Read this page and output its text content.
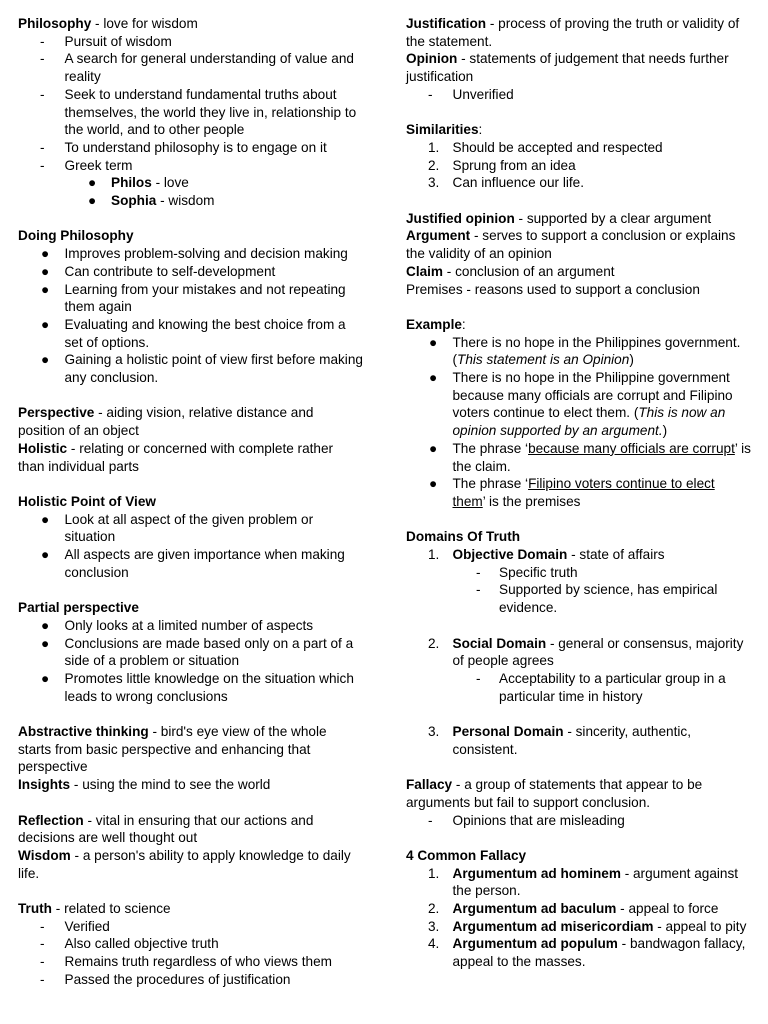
Philosophy - love for wisdom
- Pursuit of wisdom
- A search for general understanding of value and reality
- Seek to understand fundamental truths about themselves, the world they live in, relationship to the world, and to other people
- To understand philosophy is to engage on it
- Greek term
● Philos - love
● Sophia - wisdom
Doing Philosophy
● Improves problem-solving and decision making
● Can contribute to self-development
● Learning from your mistakes and not repeating them again
● Evaluating and knowing the best choice from a set of options.
● Gaining a holistic point of view first before making any conclusion.
Perspective - aiding vision, relative distance and position of an object
Holistic - relating or concerned with complete rather than individual parts
Holistic Point of View
● Look at all aspect of the given problem or situation
● All aspects are given importance when making conclusion
Partial perspective
● Only looks at a limited number of aspects
● Conclusions are made based only on a part of a side of a problem or situation
● Promotes little knowledge on the situation which leads to wrong conclusions
Abstractive thinking - bird's eye view of the whole starts from basic perspective and enhancing that perspective
Insights - using the mind to see the world
Reflection - vital in ensuring that our actions and decisions are well thought out
Wisdom - a person's ability to apply knowledge to daily life.
Truth - related to science
- Verified
- Also called objective truth
- Remains truth regardless of who views them
- Passed the procedures of justification
Justification - process of proving the truth or validity of the statement.
Opinion - statements of judgement that needs further justification
- Unverified
Similarities:
1. Should be accepted and respected
2. Sprung from an idea
3. Can influence our life.
Justified opinion - supported by a clear argument
Argument - serves to support a conclusion or explains the validity of an opinion
Claim - conclusion of an argument
Premises - reasons used to support a conclusion
Example:
● There is no hope in the Philippines government. (This statement is an Opinion)
● There is no hope in the Philippine government because many officials are corrupt and Filipino voters continue to elect them. (This is now an opinion supported by an argument.)
● The phrase ‘because many officials are corrupt’ is the claim.
● The phrase ‘Filipino voters continue to elect them’ is the premises
Domains Of Truth
1. Objective Domain - state of affairs
- Specific truth
- Supported by science, has empirical evidence.
2. Social Domain - general or consensus, majority of people agrees
- Acceptability to a particular group in a particular time in history
3. Personal Domain - sincerity, authentic, consistent.
Fallacy - a group of statements that appear to be arguments but fail to support conclusion.
- Opinions that are misleading
4 Common Fallacy
1. Argumentum ad hominem - argument against the person.
2. Argumentum ad baculum - appeal to force
3. Argumentum ad misericordiam - appeal to pity
4. Argumentum ad populum - bandwagon fallacy, appeal to the masses.
